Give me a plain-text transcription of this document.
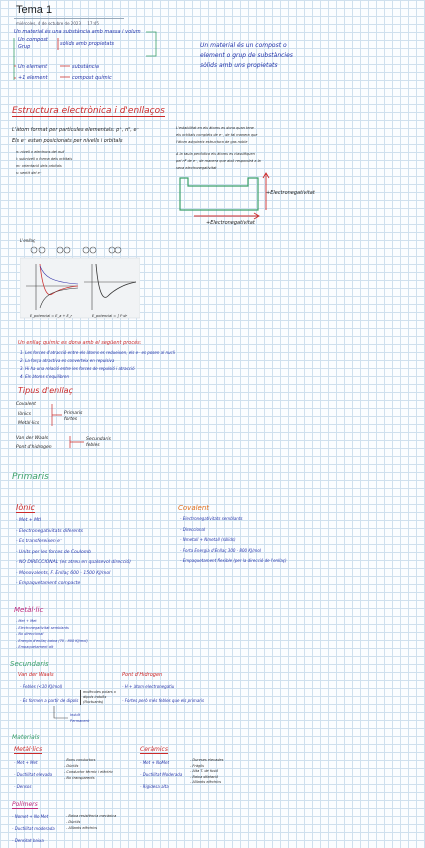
Tema 1
miércoles, 4 de octubre de 2023 17:45
Un material és una substància amb massa i volum
Un compost
Grup	sòlids amb propietats
Un element	substància
+1 element	compost químic
Un material és un compost o
element o grup de substàncies
sòlids amb uns propietats
Estructura electrònica i d'enllaços
L'àtom format per partícules elementals: p⁺, n⁰, e⁻
Els e⁻ estan posicionats per nivells i orbitals
n: nivell o electrons del nuli
l: subnivell o forma dels orbitals
m: orientació dels orbitals
s: sentit del e⁻
L'estabilitat en els àtoms es dona quan tene
els orbitals complets de e⁻, de tal manera que
l'àtom adquireix estructura de gas noble
A la taula periòdica els àtoms es classifiquen
pel nº de e⁻, de manera que això respondrà a la
seva electronegativitat
+Electronegativitat
+Electronegativitat
L'enllaç
E_potencial = E_a + E_r	E_potencial = ∫ F·dr
Un enllaç químic es dona amb el següent procés:
1. Les forces d'atracció entre els àtoms es redueixen, els e⁻ es posen al nucli
2. La força atractiva es converteix en repulsiva
3. Hi ha una relació entre les forces de repulsió i atracció
4. Els àtoms s'equilibren
Tipus d'enllaç
Covalent
Iònics
Metàl·lics
Primaris fortes
Van der Waals
Pont d'hidrogen
Secundaris febles
Primaris
Iònic
- Met + Mtl
- Electronegativitats diferents
- Es transfereixen e⁻
- Units per les forces de Coulomb
- NO DIRECCIONAL (es atreu en qualsevol direcció)
- Monovalents, F. Enllaç 600 - 1500 KJ/mol
- Empaquetament compacte
Covalent
- Electronegativitats semblants
- Direccional
- Nmetall + Nmetall (sòlids)
- Forta Energia d'Enllaç 300 - 800 KJ/mol
- Empaquetament flexible (per la direcció de l'enllaç)
Metàl·lic
- Met + Met
- Electronegativitat semblants
- No direccional
- Energia d'enllaç baixa (70 - 800 KJ/mol)
- Empaquetament alt
Secundaris
Van der Waals
- Febles (<10 KJ/mol)
- Es formen a partir de dipols
molècules polars o dipols induïts (fluctuants)
Induït
Permanent
Pont d'Hidrogen
- H + àtom electronegatiu
- Fortes però més febles que els primaris
Materials
Metàl·lics
- Met + Met
- Ductilitat elevada
- Densos
- Bons conductors
- Dúctils
- Conductor tèrmic i elèctric
- No transparents
Ceràmics
- Met + NoMet
- Ductilitat Moderada
- Rigidesa alta
- Dureses elevades
- Fràgils
- Alta T. de fusió
- Baixa dilatació
- Aïllants elèctrics
Polímers
- Nomet + No Met
- Ductilitat moderada
- Densitat baixa
- Baixa resistència mecànica
- Dúctils
- Aïllants elèctrics
